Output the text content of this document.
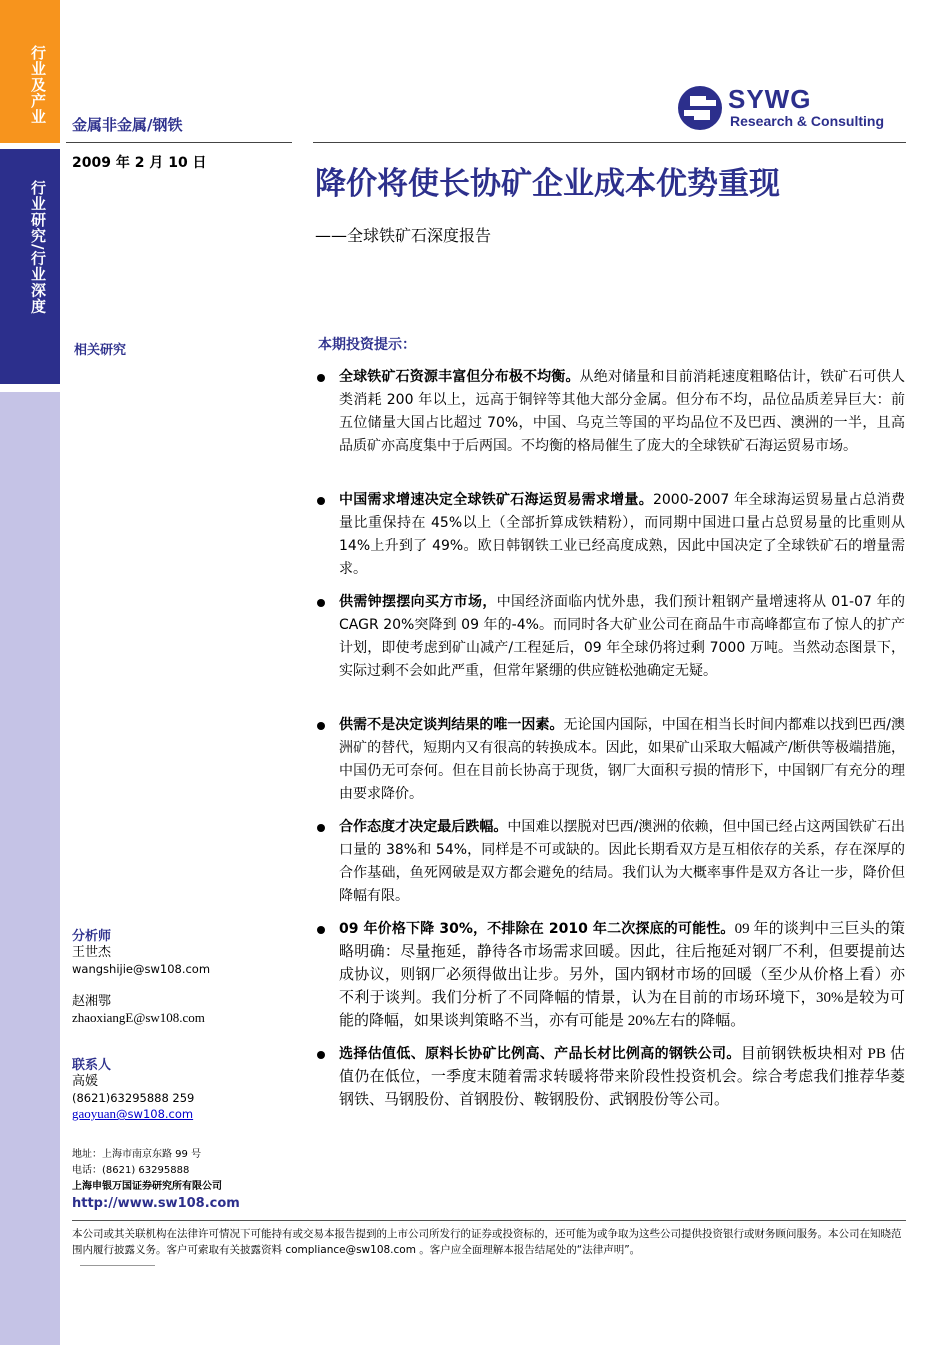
行业及产业
行业研究/行业深度
金属非金属/钢铁
SYWG
Research & Consulting
2009 年 2 月 10 日
降价将使长协矿企业成本优势重现
——全球铁矿石深度报告
相关研究
分析师
王世杰
wangshijie@sw108.com
赵湘鄂
zhaoxiangE@sw108.com
联系人
高媛
(8621)63295888 259
gaoyuan@sw108.com
地址：上海市南京东路 99 号
电话：(8621) 63295888
上海申银万国证券研究所有限公司
http://www.sw108.com
本期投资提示：
全球铁矿石资源丰富但分布极不均衡。从绝对储量和目前消耗速度粗略估计，铁矿石可供人类消耗 200 年以上，远高于铜锌等其他大部分金属。但分布不均，品位品质差异巨大：前五位储量大国占比超过 70%，中国、乌克兰等国的平均品位不及巴西、澳洲的一半，且高品质矿亦高度集中于后两国。不均衡的格局催生了庞大的全球铁矿石海运贸易市场。
中国需求增速决定全球铁矿石海运贸易需求增量。2000-2007 年全球海运贸易量占总消费量比重保持在 45%以上（全部折算成铁精粉），而同期中国进口量占总贸易量的比重则从 14%上升到了 49%。欧日韩钢铁工业已经高度成熟，因此中国决定了全球铁矿石的增量需求。
供需钟摆摆向买方市场，中国经济面临内忧外患，我们预计粗钢产量增速将从 01-07 年的 CAGR 20%突降到 09 年的-4%。而同时各大矿业公司在商品牛市高峰都宣布了惊人的扩产计划，即使考虑到矿山减产/工程延后，09 年全球仍将过剩 7000 万吨。当然动态图景下，实际过剩不会如此严重，但常年紧绷的供应链松弛确定无疑。
供需不是决定谈判结果的唯一因素。无论国内国际，中国在相当长时间内都难以找到巴西/澳洲矿的替代，短期内又有很高的转换成本。因此，如果矿山采取大幅减产/断供等极端措施，中国仍无可奈何。但在目前长协高于现货，钢厂大面积亏损的情形下，中国钢厂有充分的理由要求降价。
合作态度才决定最后跌幅。中国难以摆脱对巴西/澳洲的依赖，但中国已经占这两国铁矿石出口量的 38%和 54%，同样是不可或缺的。因此长期看双方是互相依存的关系，存在深厚的合作基础，鱼死网破是双方都会避免的结局。我们认为大概率事件是双方各让一步，降价但降幅有限。
09 年价格下降 30%，不排除在 2010 年二次探底的可能性。09 年的谈判中三巨头的策略明确：尽量拖延，静待各市场需求回暖。因此，往后拖延对钢厂不利，但要提前达成协议，则钢厂必须得做出让步。另外，国内钢材市场的回暖（至少从价格上看）亦不利于谈判。我们分析了不同降幅的情景，认为在目前的市场环境下，30%是较为可能的降幅，如果谈判策略不当，亦有可能是 20%左右的降幅。
选择估值低、原料长协矿比例高、产品长材比例高的钢铁公司。目前钢铁板块相对 PB 估值仍在低位，一季度末随着需求转暖将带来阶段性投资机会。综合考虑我们推荐华菱钢铁、马钢股份、首钢股份、鞍钢股份、武钢股份等公司。
本公司或其关联机构在法律许可情况下可能持有或交易本报告提到的上市公司所发行的证券或投资标的，还可能为或争取为这些公司提供投资银行或财务顾问服务。本公司在知晓范围内履行披露义务。客户可索取有关披露资料 compliance@sw108.com 。客户应全面理解本报告结尾处的“法律声明”。
